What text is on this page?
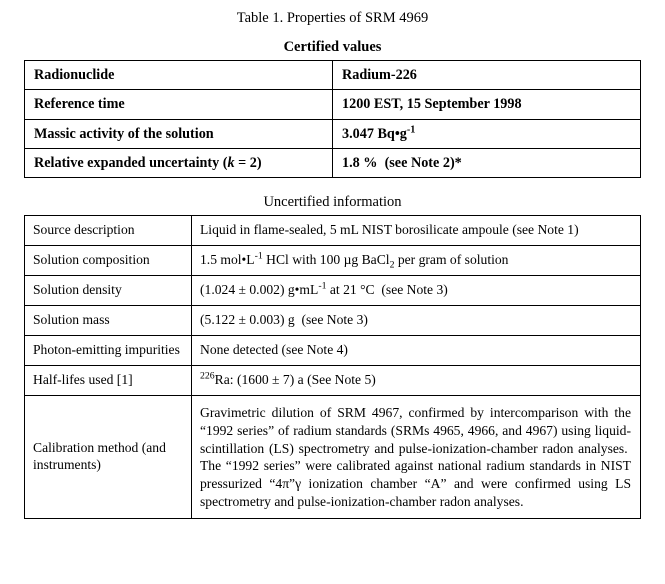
Table 1. Properties of SRM 4969
Certified values
Radionuclide	Radium-226
Reference time	1200 EST, 15 September 1998
Massic activity of the solution	3.047 $Bq•g^{-1}$
Relative expanded uncertainty (k = 2)	1.8 %  (see Note 2)*
Uncertified information
Source description	Liquid in flame-sealed, 5 mL NIST borosilicate ampoule (see Note 1)
Solution composition	1.5 $mol•L^{-1}$ HCl with 100 µg BaCl$_2$ per gram of solution
Solution density	(1.024 ± 0.002) $g•mL^{-1}$ at 21 °C  (see Note 3)
Solution mass	(5.122 ± 0.003) g  (see Note 3)
Photon-emitting impurities	None detected (see Note 4)
Half-lifes used [1]	$^{226}$Ra: (1600 ± 7) a (See Note 5)
Calibration method (and instruments)	Gravimetric dilution of SRM 4967, confirmed by intercomparison with the “1992 series” of radium standards (SRMs 4965, 4966, and 4967) using liquid-scintillation (LS) spectrometry and pulse-ionization-chamber radon analyses.  The “1992 series” were calibrated against national radium standards in NIST pressurized “4π”γ ionization chamber “A” and were confirmed using LS spectrometry and pulse-ionization-chamber radon analyses.
